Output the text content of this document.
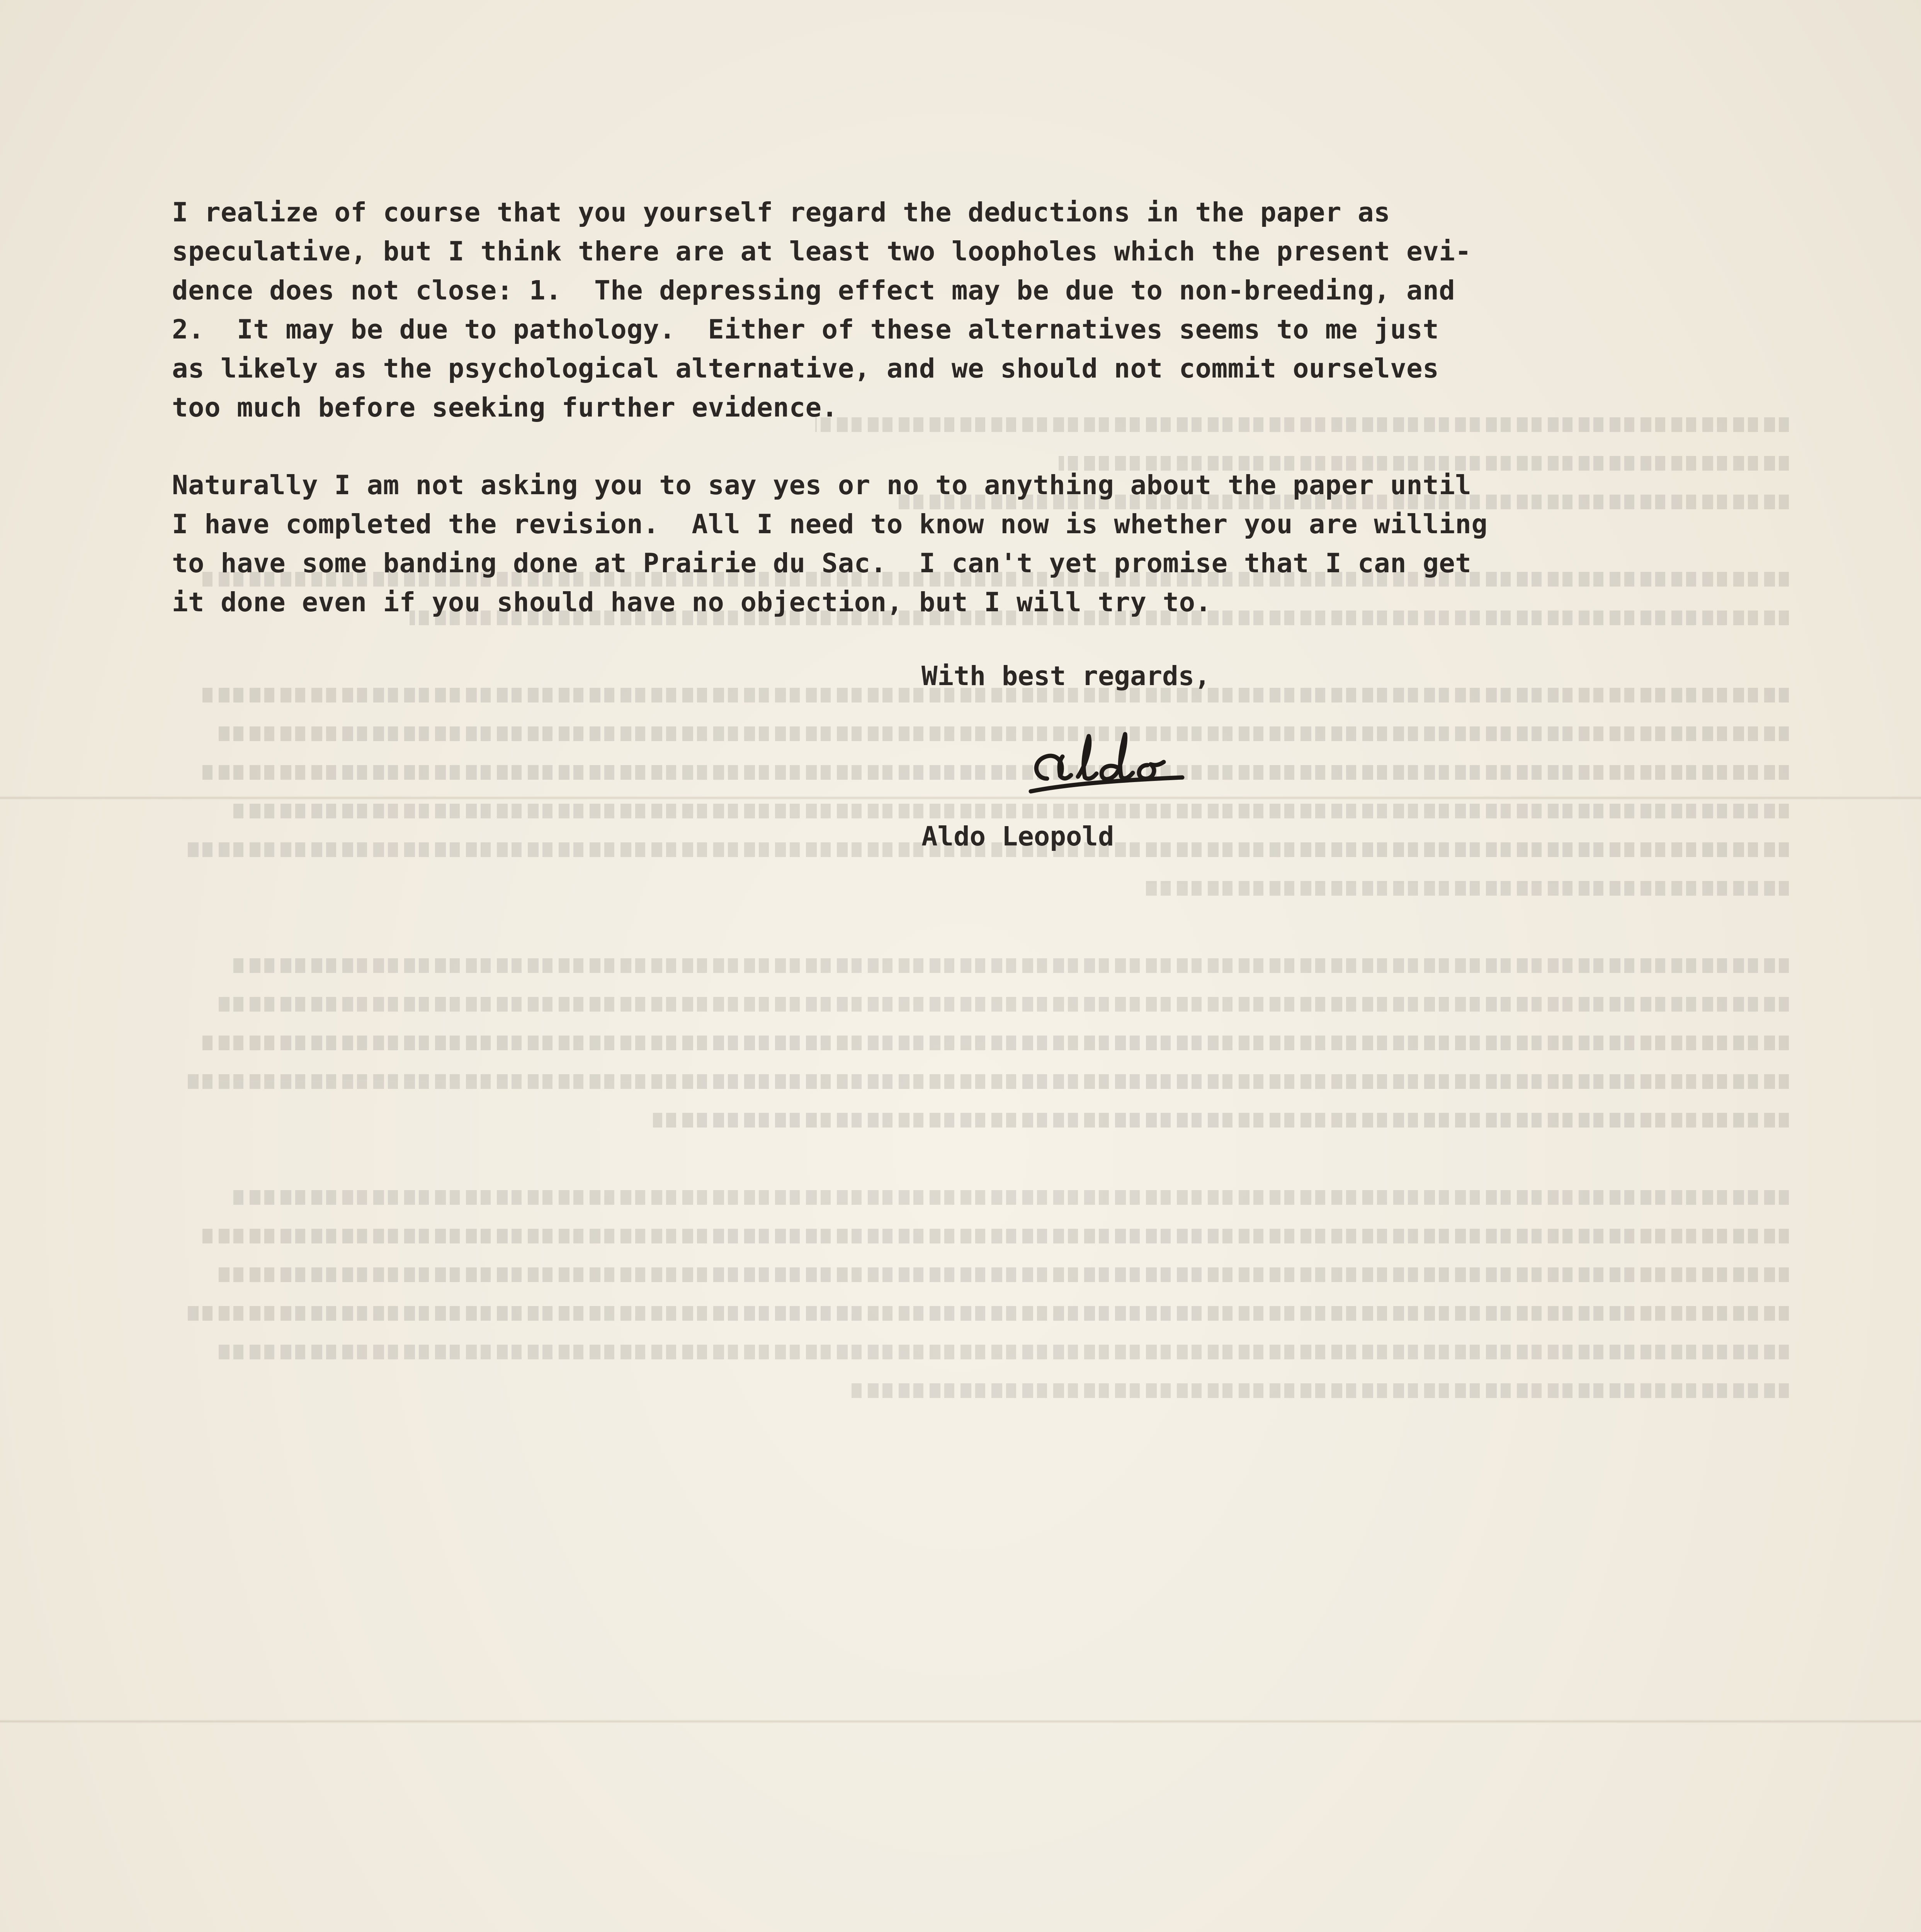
I realize of course that you yourself regard the deductions in the paper as
speculative, but I think there are at least two loopholes which the present evi-
dence does not close: 1.  The depressing effect may be due to non-breeding, and
2.  It may be due to pathology.  Either of these alternatives seems to me just
as likely as the psychological alternative, and we should not commit ourselves
too much before seeking further evidence.

Naturally I am not asking you to say yes or no to anything about the paper until
I have completed the revision.  All I need to know now is whether you are willing
to have some banding done at Prairie du Sac.  I can't yet promise that I can get
it done even if you should have no objection, but I will try to.

With best regards,
Aldo Leopold
